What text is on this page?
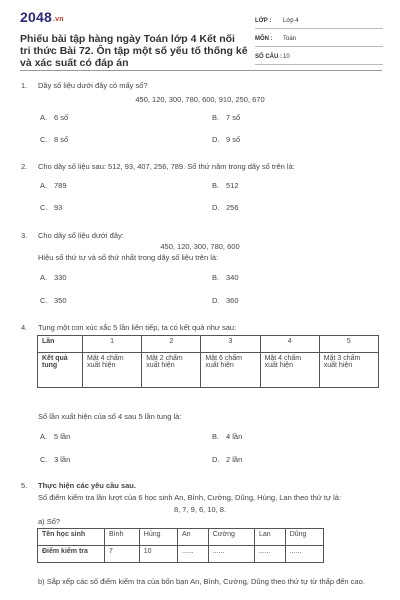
2048.vn
Phiếu bài tập hàng ngày Toán lớp 4 Kết nối tri thức Bài 72. Ôn tập một số yếu tố thống kê và xác suất có đáp án
LỚP :	Lớp 4
MÔN :	Toán
SỐ CÂU : 10
1. Dãy số liệu dưới đây có mấy số?
450, 120, 300, 780, 600, 910, 250, 670
A. 6 số	B. 7 số
C. 8 số	D. 9 số
2. Cho dãy số liệu sau: 512, 93, 407, 256, 789. Số thứ năm trong dãy số trên là:
A. 789	B. 512
C. 93	D. 256
3. Cho dãy số liệu dưới đây:
450, 120, 300, 780, 600
Hiệu số thứ tư và số thứ nhất trong dãy số liệu trên là:
A. 330	B. 340
C. 350	D. 360
4. Tung một con xúc xắc 5 lần liên tiếp, ta có kết quả như sau:
Lần	1	2	3	4	5
Kết quả tung	Mặt 4 chấm xuất hiện	Mặt 2 chấm xuất hiện	Mặt 6 chấm xuất hiện	Mặt 4 chấm xuất hiện	Mặt 3 chấm xuất hiện
Số lần xuất hiện của số 4 sau 5 lần tung là:
A. 5 lần	B. 4 lần
C. 3 lần	D. 2 lần
5. Thực hiện các yêu cầu sau.
Số điểm kiểm tra lần lượt của 6 học sinh An, Bình, Cường, Dũng, Hùng, Lan theo thứ tự là:
8, 7, 9, 6, 10, 8.
a) Số?
Tên học sinh	Bình	Hùng	An	Cường	Lan	Dũng
Điểm kiểm tra	7	10	......	......	......	......
b) Sắp xếp các số điểm kiểm tra của bốn bạn An, Bình, Cường, Dũng theo thứ tự từ thấp đến cao.
